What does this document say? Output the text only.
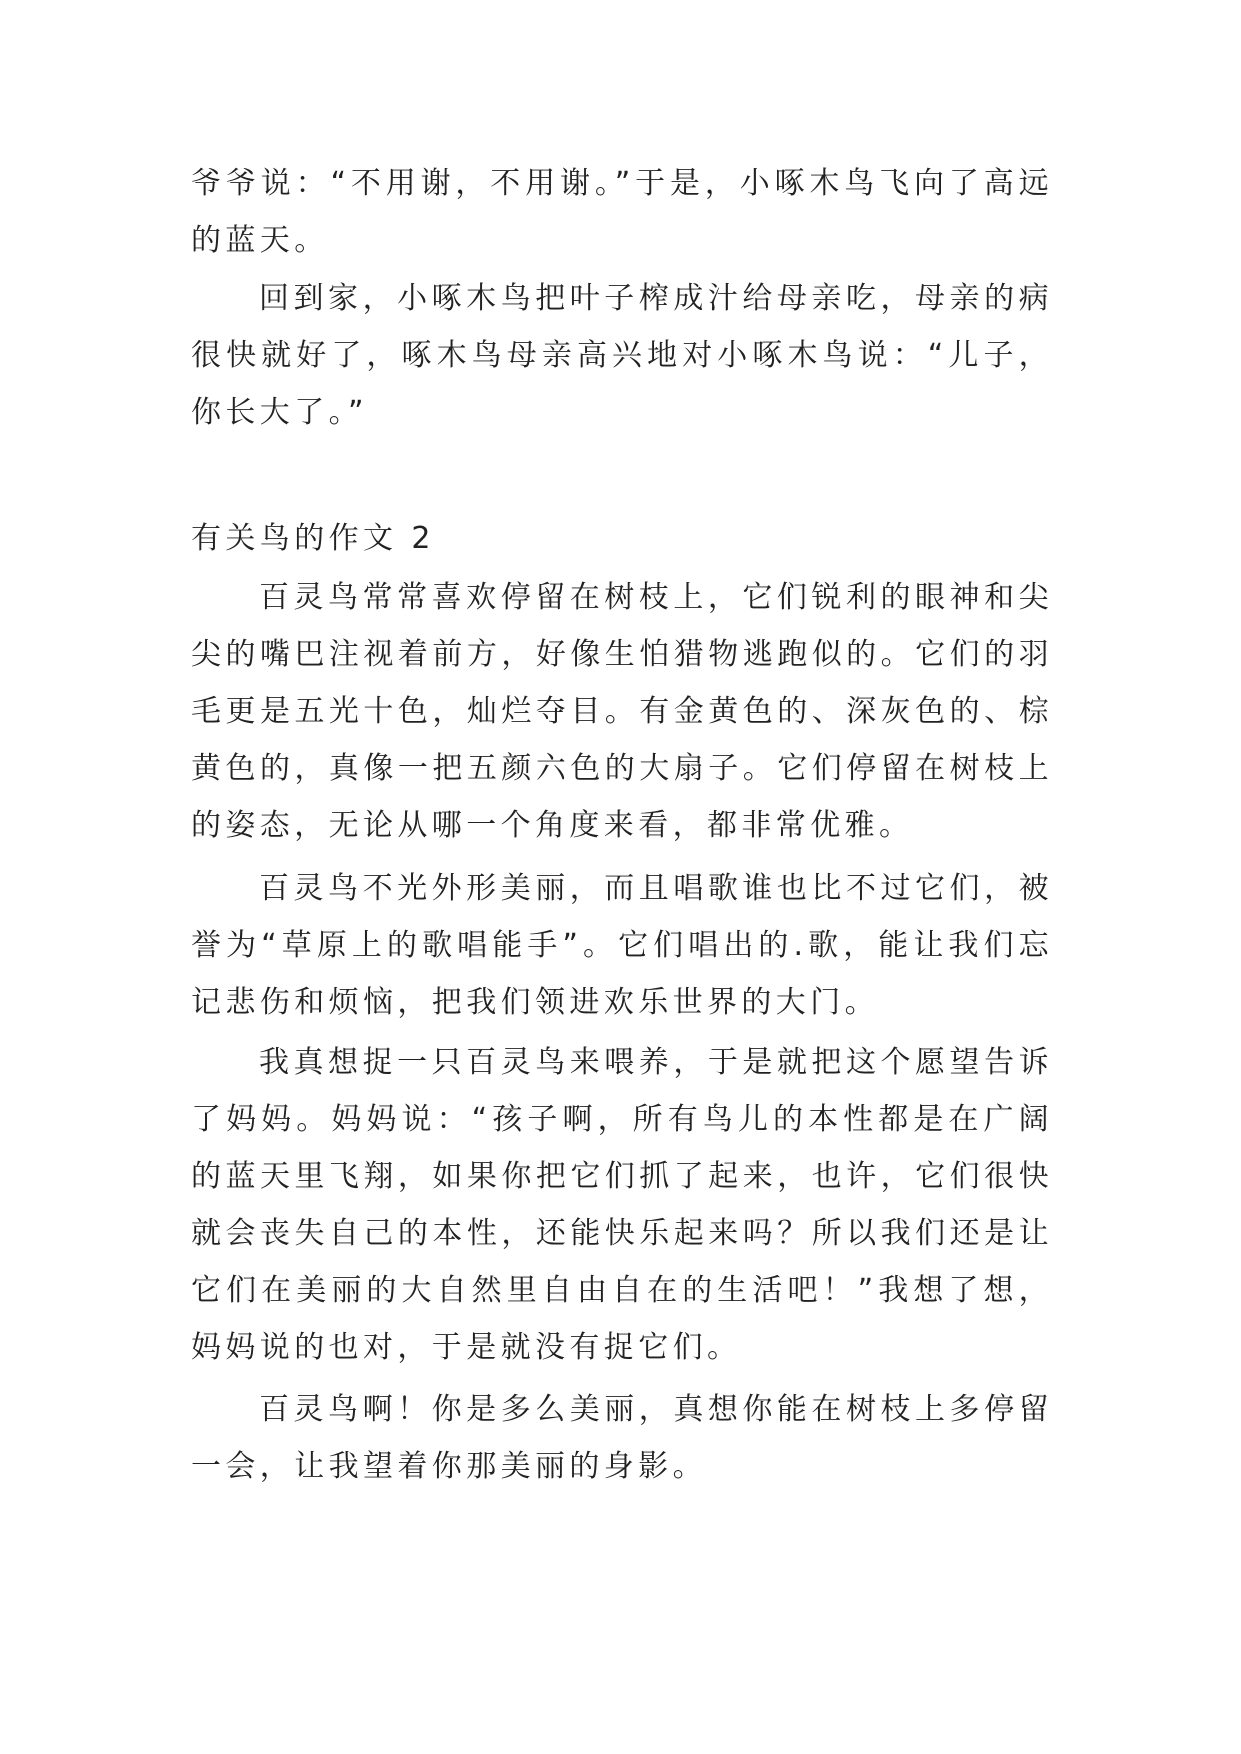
爷爷说：“不用谢，不用谢。”于是，小啄木鸟飞向了高远的蓝天。

回到家，小啄木鸟把叶子榨成汁给母亲吃，母亲的病很快就好了，啄木鸟母亲高兴地对小啄木鸟说：“儿子，你长大了。”

有关鸟的作文 2

百灵鸟常常喜欢停留在树枝上，它们锐利的眼神和尖尖的嘴巴注视着前方，好像生怕猎物逃跑似的。它们的羽毛更是五光十色，灿烂夺目。有金黄色的、深灰色的、棕黄色的，真像一把五颜六色的大扇子。它们停留在树枝上的姿态，无论从哪一个角度来看，都非常优雅。

百灵鸟不光外形美丽，而且唱歌谁也比不过它们，被誉为“草原上的歌唱能手”。它们唱出的.歌，能让我们忘记悲伤和烦恼，把我们领进欢乐世界的大门。

我真想捉一只百灵鸟来喂养，于是就把这个愿望告诉了妈妈。妈妈说：“孩子啊，所有鸟儿的本性都是在广阔的蓝天里飞翔，如果你把它们抓了起来，也许，它们很快就会丧失自己的本性，还能快乐起来吗？所以我们还是让它们在美丽的大自然里自由自在的生活吧！”我想了想，妈妈说的也对，于是就没有捉它们。

百灵鸟啊！你是多么美丽，真想你能在树枝上多停留一会，让我望着你那美丽的身影。
